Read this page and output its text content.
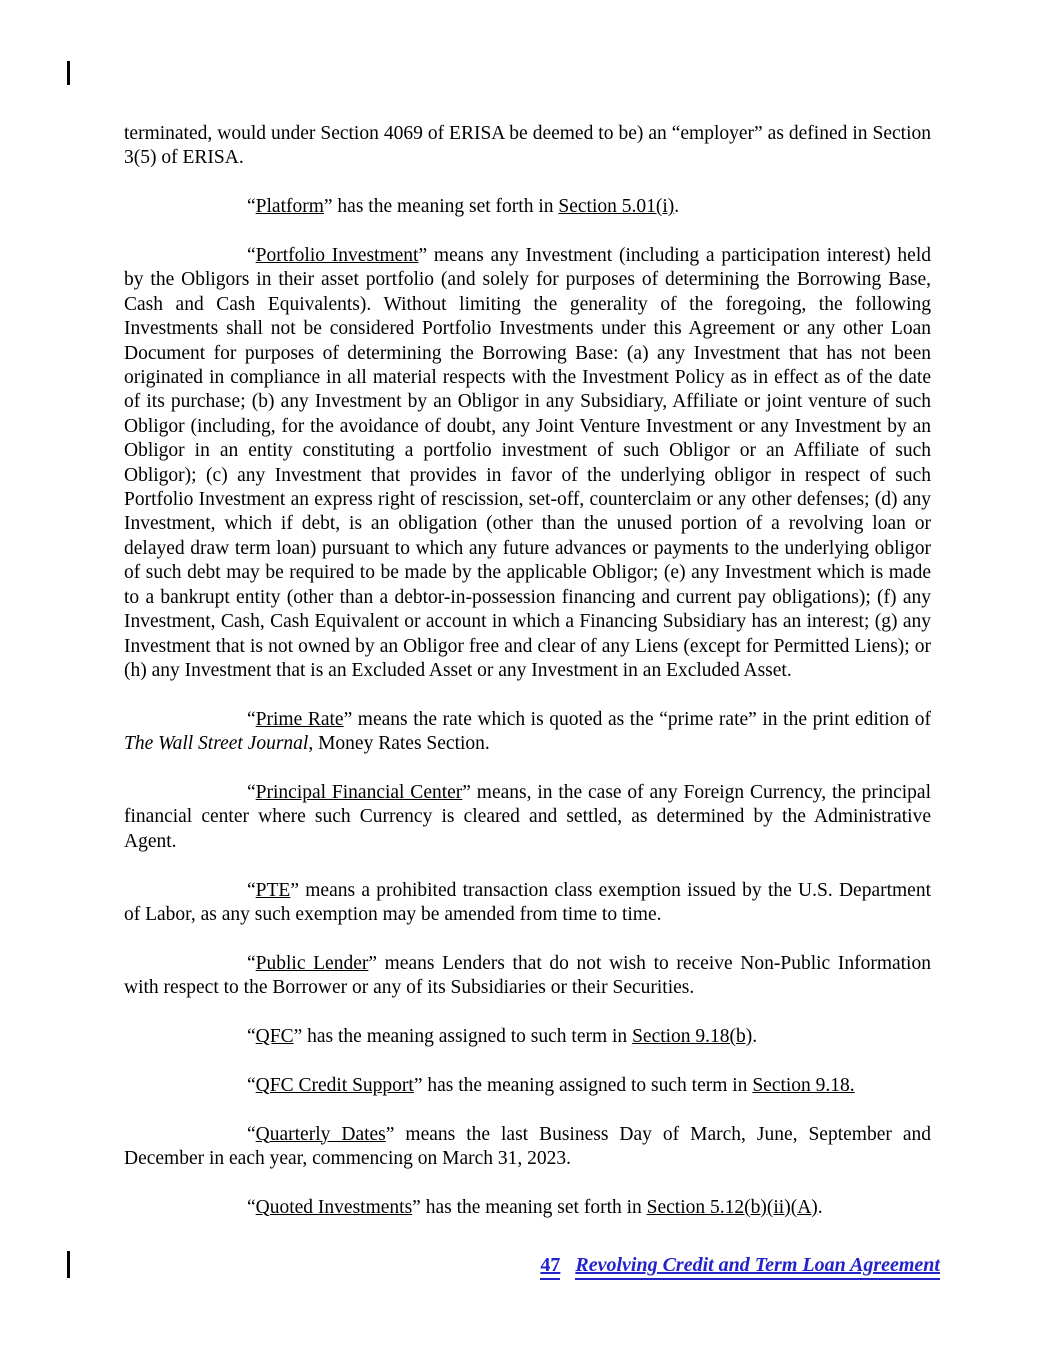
terminated, would under Section 4069 of ERISA be deemed to be) an “employer” as defined in Section 3(5) of ERISA.

“Platform” has the meaning set forth in Section 5.01(i).

“Portfolio Investment” means any Investment (including a participation interest) held by the Obligors in their asset portfolio (and solely for purposes of determining the Borrowing Base, Cash and Cash Equivalents). Without limiting the generality of the foregoing, the following Investments shall not be considered Portfolio Investments under this Agreement or any other Loan Document for purposes of determining the Borrowing Base: (a) any Investment that has not been originated in compliance in all material respects with the Investment Policy as in effect as of the date of its purchase; (b) any Investment by an Obligor in any Subsidiary, Affiliate or joint venture of such Obligor (including, for the avoidance of doubt, any Joint Venture Investment or any Investment by an Obligor in an entity constituting a portfolio investment of such Obligor or an Affiliate of such Obligor); (c) any Investment that provides in favor of the underlying obligor in respect of such Portfolio Investment an express right of rescission, set-off, counterclaim or any other defenses; (d) any Investment, which if debt, is an obligation (other than the unused portion of a revolving loan or delayed draw term loan) pursuant to which any future advances or payments to the underlying obligor of such debt may be required to be made by the applicable Obligor; (e) any Investment which is made to a bankrupt entity (other than a debtor-in-possession financing and current pay obligations); (f) any Investment, Cash, Cash Equivalent or account in which a Financing Subsidiary has an interest; (g) any Investment that is not owned by an Obligor free and clear of any Liens (except for Permitted Liens); or (h) any Investment that is an Excluded Asset or any Investment in an Excluded Asset.

“Prime Rate” means the rate which is quoted as the “prime rate” in the print edition of The Wall Street Journal, Money Rates Section.

“Principal Financial Center” means, in the case of any Foreign Currency, the principal financial center where such Currency is cleared and settled, as determined by the Administrative Agent.

“PTE” means a prohibited transaction class exemption issued by the U.S. Department of Labor, as any such exemption may be amended from time to time.

“Public Lender” means Lenders that do not wish to receive Non-Public Information with respect to the Borrower or any of its Subsidiaries or their Securities.

“QFC” has the meaning assigned to such term in Section 9.18(b).

“QFC Credit Support” has the meaning assigned to such term in Section 9.18.

“Quarterly Dates” means the last Business Day of March, June, September and December in each year, commencing on March 31, 2023.

“Quoted Investments” has the meaning set forth in Section 5.12(b)(ii)(A).

47 Revolving Credit and Term Loan Agreement
